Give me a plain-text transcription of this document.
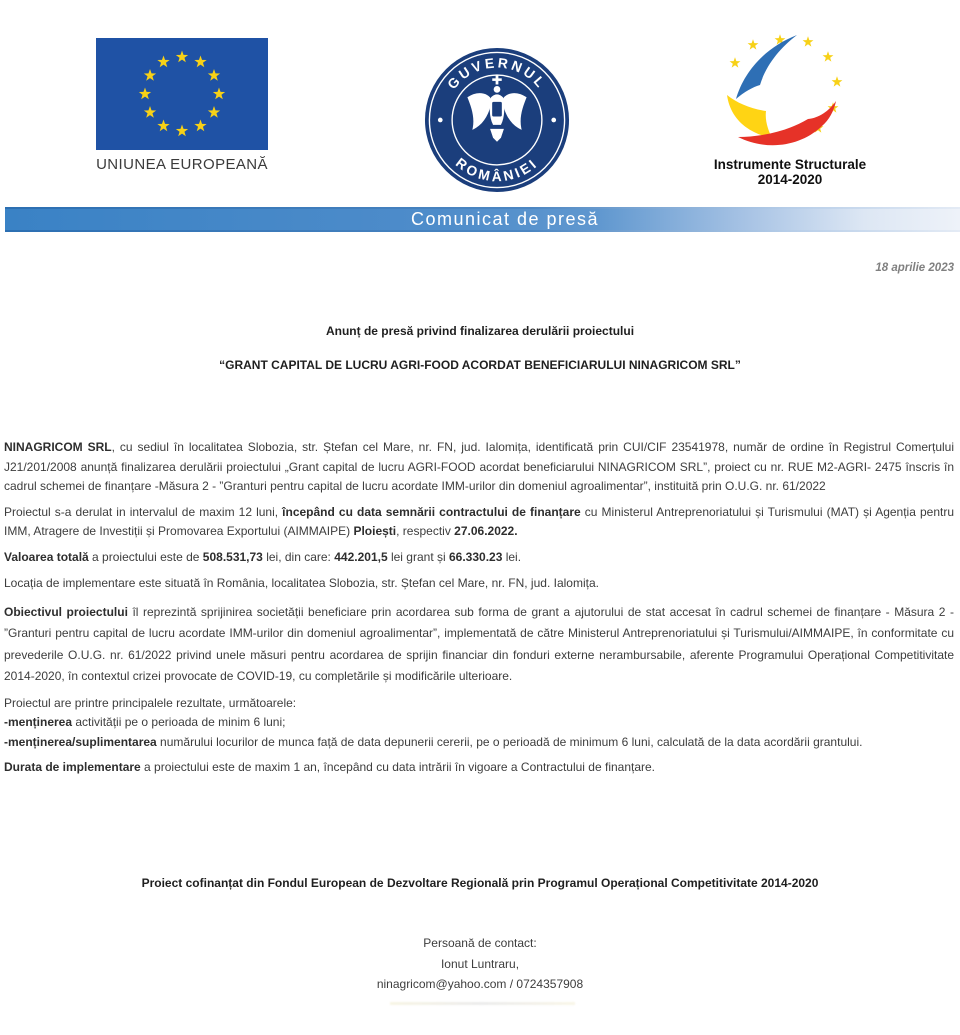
UNIUNEA EUROPEANĂ
GUVERNUL
ROMÂNIEI	Instrumente Structurale
2014-2020
Comunicat de presă
18 aprilie 2023
Anunț de presă privind finalizarea derulării proiectului
“GRANT CAPITAL DE LUCRU AGRI-FOOD ACORDAT BENEFICIARULUI NINAGRICOM SRL”

NINAGRICOM SRL, cu sediul în localitatea Slobozia, str. Ștefan cel Mare, nr. FN, jud. Ialomița, identificată prin CUI/CIF 23541978, număr de ordine în Registrul Comerțului J21/201/2008 anunță finalizarea derulării proiectului „Grant capital de lucru AGRI-FOOD acordat beneficiarului NINAGRICOM SRL”, proiect cu nr. RUE M2-AGRI- 2475 înscris în cadrul schemei de finanțare -Măsura 2 - ”Granturi pentru capital de lucru acordate IMM-urilor din domeniul agroalimentar”, instituită prin O.U.G. nr. 61/2022

Proiectul s-a derulat in intervalul de maxim 12 luni, începând cu data semnării contractului de finanțare cu Ministerul Antreprenoriatului și Turismului (MAT) și Agenția pentru IMM, Atragere de Investiții și Promovarea Exportului (AIMMAIPE) Ploiești, respectiv 27.06.2022.

Valoarea totală a proiectului este de 508.531,73 lei, din care: 442.201,5 lei grant și 66.330.23 lei.

Locația de implementare este situată în România, localitatea Slobozia, str. Ștefan cel Mare, nr. FN, jud. Ialomița.

Obiectivul proiectului îl reprezintă sprijinirea societății beneficiare prin acordarea sub forma de grant a ajutorului de stat accesat în cadrul schemei de finanțare - Măsura 2 - ”Granturi pentru capital de lucru acordate IMM-urilor din domeniul agroalimentar”, implementată de către Ministerul Antreprenoriatului și Turismului/AIMMAIPE, în conformitate cu prevederile O.U.G. nr. 61/2022 privind unele măsuri pentru acordarea de sprijin financiar din fonduri externe nerambursabile, aferente Programului Operațional Competitivitate 2014-2020, în contextul crizei provocate de COVID-19, cu completările și modificările ulterioare.

Proiectul are printre principalele rezultate, următoarele:

-menținerea activității pe o perioada de minim 6 luni;

-menținerea/suplimentarea numărului locurilor de munca față de data depunerii cererii, pe o perioadă de minimum 6 luni, calculată de la data acordării grantului.

Durata de implementare a proiectului este de maxim 1 an, începând cu data intrării în vigoare a Contractului de finanțare.

Proiect cofinanțat din Fondul European de Dezvoltare Regională prin Programul Operațional Competitivitate 2014-2020
Persoană de contact:
Ionut Luntraru,
ninagricom@yahoo.com / 0724357908
